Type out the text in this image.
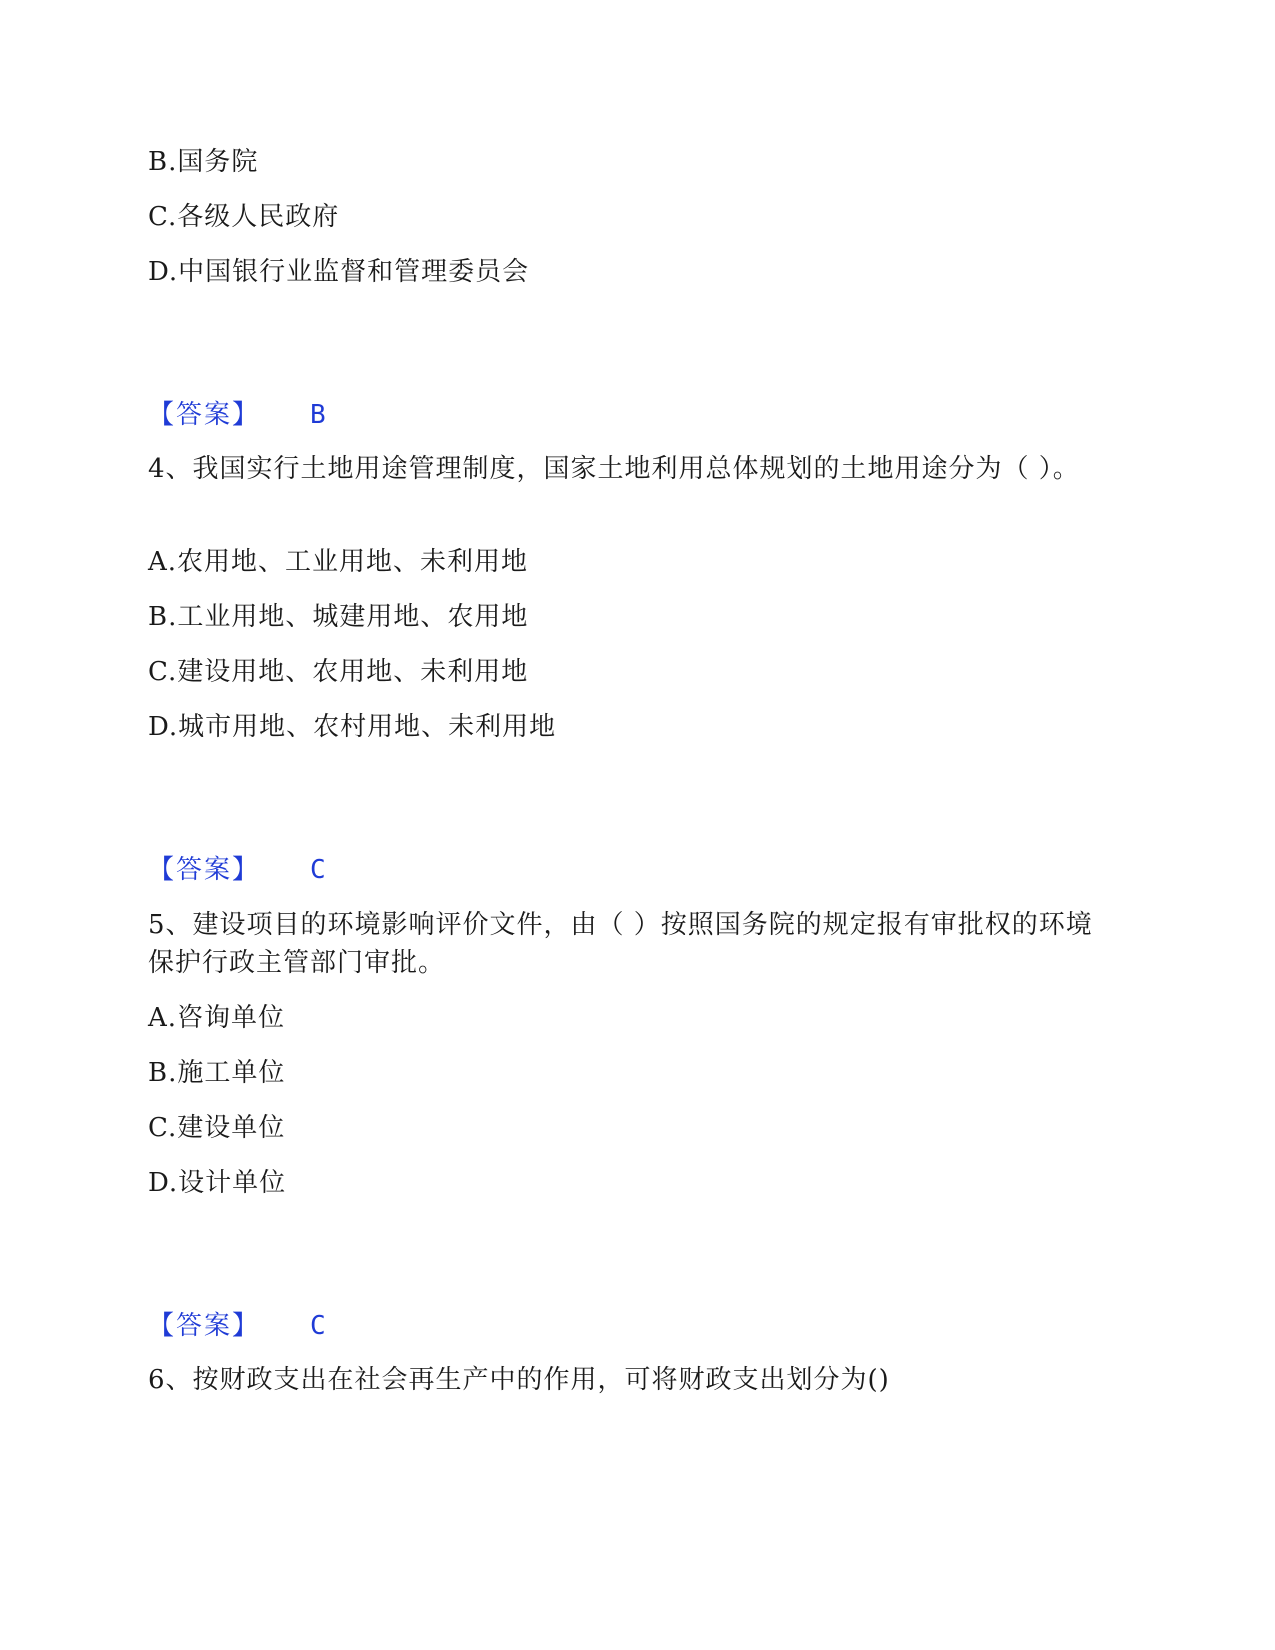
B.国务院
C.各级人民政府
D.中国银行业监督和管理委员会
【答案】 B
4、我国实行土地用途管理制度，国家土地利用总体规划的土地用途分为（ ）。
A.农用地、工业用地、未利用地
B.工业用地、城建用地、农用地
C.建设用地、农用地、未利用地
D.城市用地、农村用地、未利用地
【答案】 C
5、建设项目的环境影响评价文件，由（ ）按照国务院的规定报有审批权的环境保护行政主管部门审批。
A.咨询单位
B.施工单位
C.建设单位
D.设计单位
【答案】 C
6、按财政支出在社会再生产中的作用，可将财政支出划分为()
